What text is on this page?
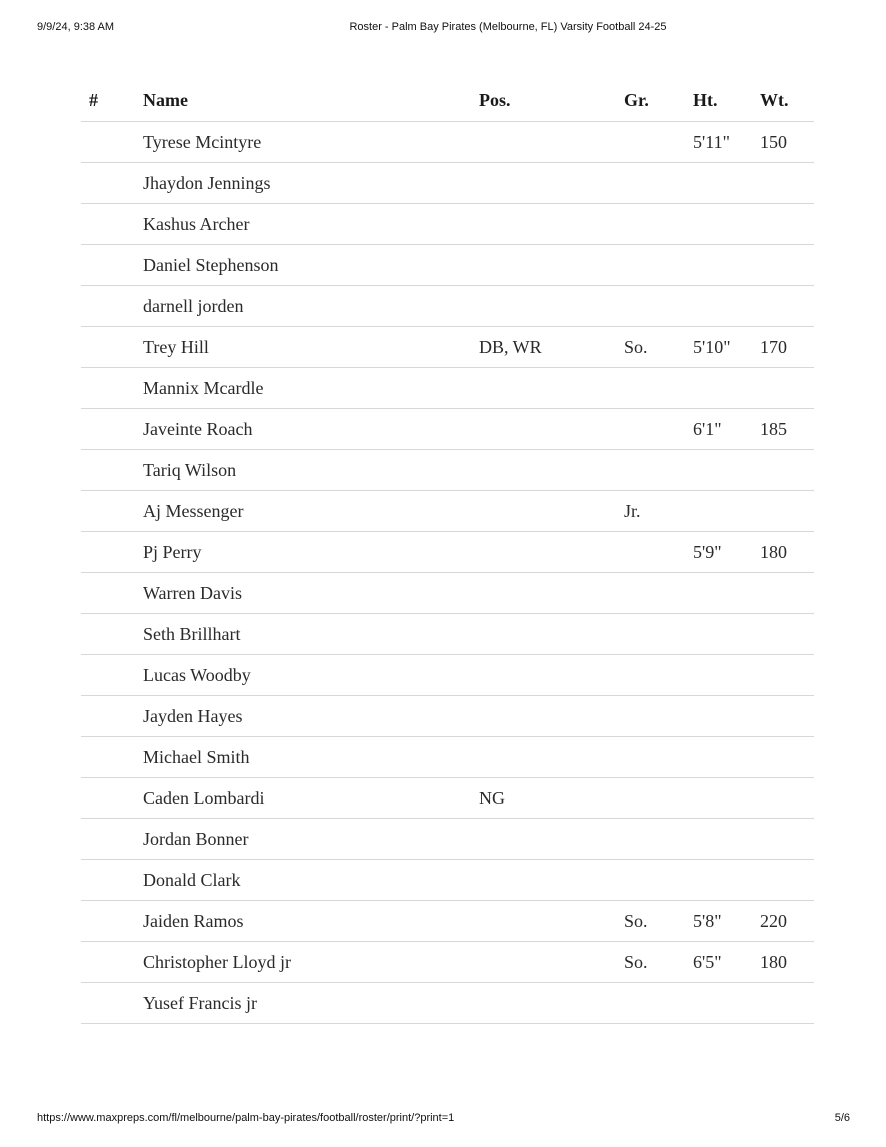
9/9/24, 9:38 AM	Roster - Palm Bay Pirates (Melbourne, FL) Varsity Football 24-25
#	Name	Pos.	Gr.	Ht.	Wt.
	Tyrese Mcintyre			5'11"	150
	Jhaydon Jennings				
	Kashus Archer				
	Daniel Stephenson				
	darnell jorden				
	Trey Hill	DB, WR	So.	5'10"	170
	Mannix Mcardle				
	Javeinte Roach			6'1"	185
	Tariq Wilson				
	Aj Messenger		Jr.		
	Pj Perry			5'9"	180
	Warren Davis				
	Seth Brillhart				
	Lucas Woodby				
	Jayden Hayes				
	Michael Smith				
	Caden Lombardi	NG			
	Jordan Bonner				
	Donald Clark				
	Jaiden Ramos		So.	5'8"	220
	Christopher Lloyd jr		So.	6'5"	180
	Yusef Francis jr				
https://www.maxpreps.com/fl/melbourne/palm-bay-pirates/football/roster/print/?print=1	5/6
